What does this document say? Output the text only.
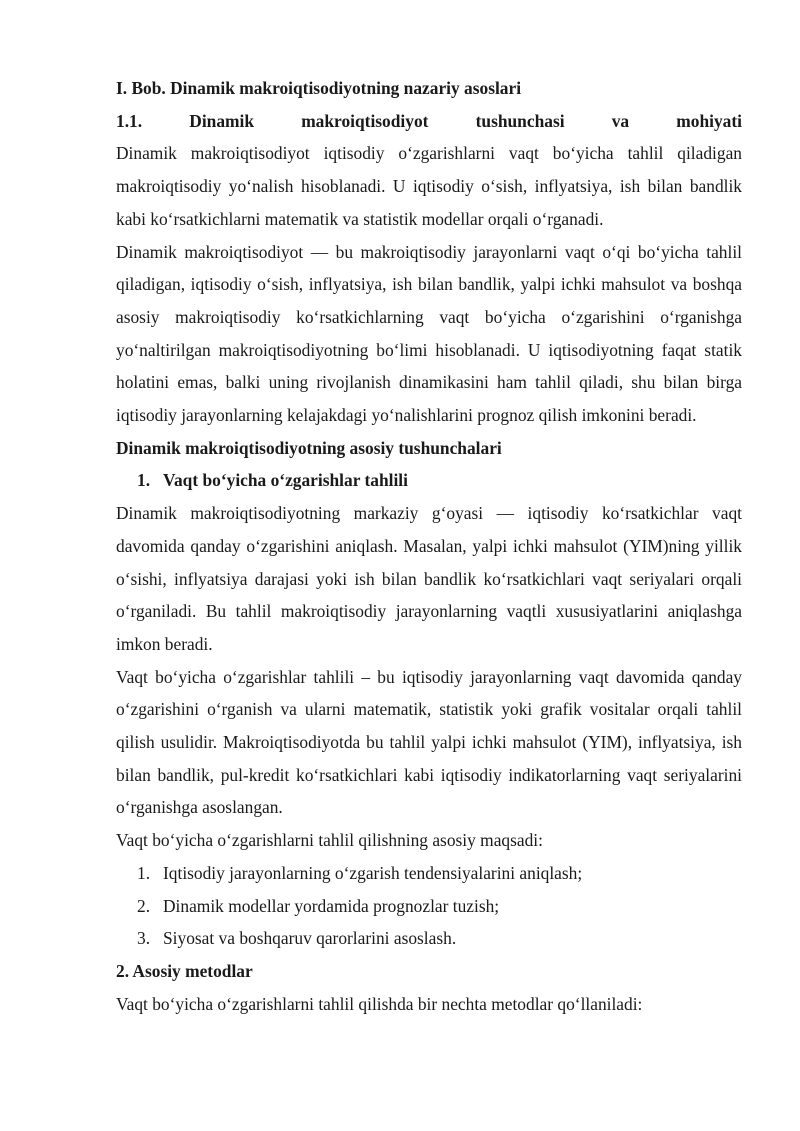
I. Bob. Dinamik makroiqtisodiyotning nazariy asoslari
1.1. Dinamik makroiqtisodiyot tushunchasi va mohiyati

Dinamik makroiqtisodiyot iqtisodiy oʻzgarishlarni vaqt boʻyicha tahlil qiladigan makroiqtisodiy yoʻnalish hisoblanadi. U iqtisodiy oʻsish, inflyatsiya, ish bilan bandlik kabi koʻrsatkichlarni matematik va statistik modellar orqali oʻrganadi.

Dinamik makroiqtisodiyot — bu makroiqtisodiy jarayonlarni vaqt oʻqi boʻyicha tahlil qiladigan, iqtisodiy oʻsish, inflyatsiya, ish bilan bandlik, yalpi ichki mahsulot va boshqa asosiy makroiqtisodiy koʻrsatkichlarning vaqt boʻyicha oʻzgarishini oʻrganishga yoʻnaltirilgan makroiqtisodiyotning boʻlimi hisoblanadi. U iqtisodiyotning faqat statik holatini emas, balki uning rivojlanish dinamikasini ham tahlil qiladi, shu bilan birga iqtisodiy jarayonlarning kelajakdagi yoʻnalishlarini prognoz qilish imkonini beradi.

Dinamik makroiqtisodiyotning asosiy tushunchalari
1. Vaqt boʻyicha oʻzgarishlar tahlili

Dinamik makroiqtisodiyotning markaziy gʻoyasi — iqtisodiy koʻrsatkichlar vaqt davomida qanday oʻzgarishini aniqlash. Masalan, yalpi ichki mahsulot (YIM)ning yillik oʻsishi, inflyatsiya darajasi yoki ish bilan bandlik koʻrsatkichlari vaqt seriyalari orqali oʻrganiladi. Bu tahlil makroiqtisodiy jarayonlarning vaqtli xususiyatlarini aniqlashga imkon beradi.

Vaqt boʻyicha oʻzgarishlar tahlili – bu iqtisodiy jarayonlarning vaqt davomida qanday oʻzgarishini oʻrganish va ularni matematik, statistik yoki grafik vositalar orqali tahlil qilish usulidir. Makroiqtisodiyotda bu tahlil yalpi ichki mahsulot (YIM), inflyatsiya, ish bilan bandlik, pul-kredit koʻrsatkichlari kabi iqtisodiy indikatorlarning vaqt seriyalarini oʻrganishga asoslangan.

Vaqt boʻyicha oʻzgarishlarni tahlil qilishning asosiy maqsadi:

1. Iqtisodiy jarayonlarning oʻzgarish tendensiyalarini aniqlash;
2. Dinamik modellar yordamida prognozlar tuzish;
3. Siyosat va boshqaruv qarorlarini asoslash.
2. Asosiy metodlar

Vaqt boʻyicha oʻzgarishlarni tahlil qilishda bir nechta metodlar qoʻllaniladi:
